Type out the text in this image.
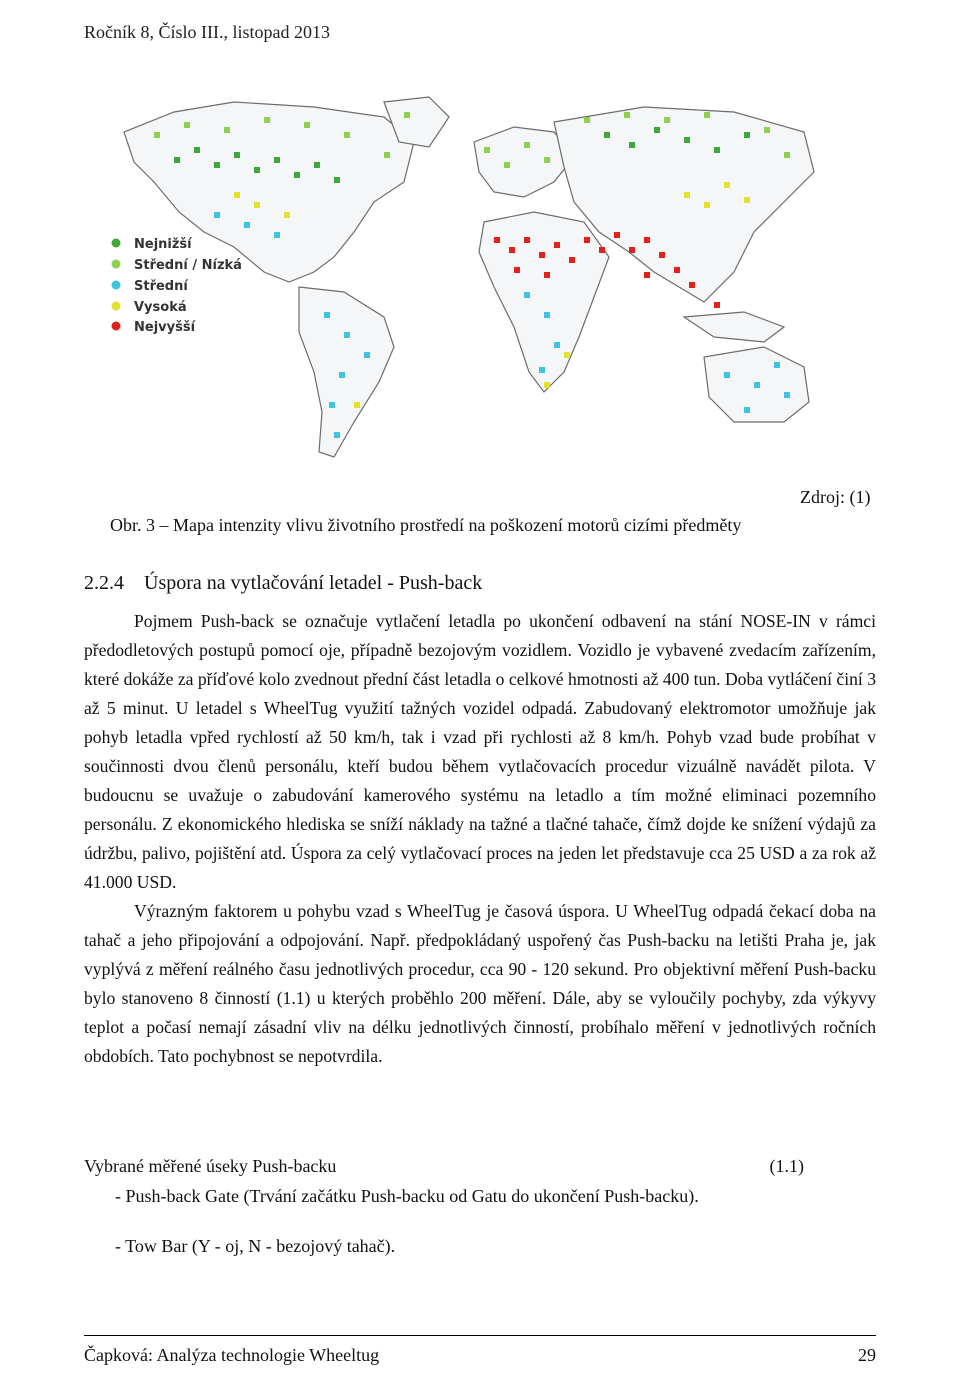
Ročník 8, Číslo III., listopad 2013
Nejnižší
Střední / Nízká
Střední
Vysoká
Nejvyšší
Zdroj: (1)
Obr. 3 – Mapa intenzity vlivu životního prostředí na poškození motorů cizími předměty
2.2.4 Úspora na vytlačování letadel - Push-back

Pojmem Push-back se označuje vytlačení letadla po ukončení odbavení na stání NOSE-IN v rámci předodletových postupů pomocí oje, případně bezojovým vozidlem. Vozidlo je vybavené zvedacím zařízením, které dokáže za příďové kolo zvednout přední část letadla o celkové hmotnosti až 400 tun. Doba vytláčení činí 3 až 5 minut. U letadel s WheelTug využití tažných vozidel odpadá. Zabudovaný elektromotor umožňuje jak pohyb letadla vpřed rychlostí až 50 km/h, tak i vzad při rychlosti až 8 km/h. Pohyb vzad bude probíhat v součinnosti dvou členů personálu, kteří budou během vytlačovacích procedur vizuálně navádět pilota. V budoucnu se uvažuje o zabudování kamerového systému na letadlo a tím možné eliminaci pozemního personálu. Z ekonomického hlediska se sníží náklady na tažné a tlačné tahače, čímž dojde ke snížení výdajů za údržbu, palivo, pojištění atd. Úspora za celý vytlačovací proces na jeden let představuje cca 25 USD a za rok až 41.000 USD.

Výrazným faktorem u pohybu vzad s WheelTug je časová úspora. U WheelTug odpadá čekací doba na tahač a jeho připojování a odpojování. Např. předpokládaný uspořený čas Push-backu na letišti Praha je, jak vyplývá z měření reálného času jednotlivých procedur, cca 90 - 120 sekund. Pro objektivní měření Push-backu bylo stanoveno 8 činností (1.1) u kterých proběhlo 200 měření. Dále, aby se vyloučily pochyby, zda výkyvy teplot a počasí nemají zásadní vliv na délku jednotlivých činností, probíhalo měření v jednotlivých ročních obdobích. Tato pochybnost se nepotvrdila.

Vybrané měřené úseky Push-backu	(1.1)
- Push-back Gate (Trvání začátku Push-backu od Gatu do ukončení Push-backu).
- Tow Bar (Y - oj, N - bezojový tahač).
Čapková: Analýza technologie Wheeltug	29
